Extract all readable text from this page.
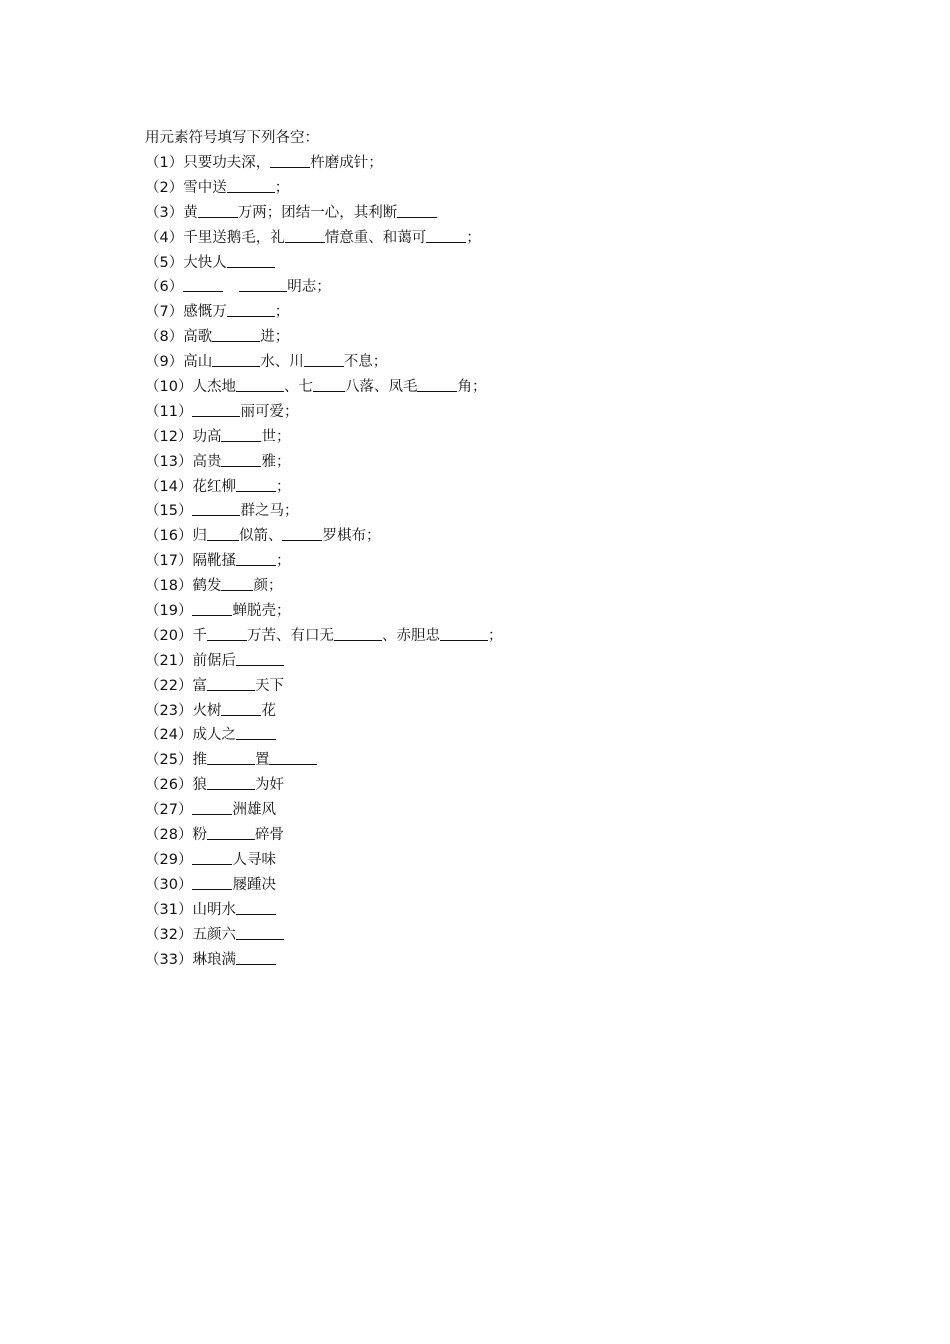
用元素符号填写下列各空：
（1）只要功夫深，	杵磨成针；
（2）雪中送	；
（3）黄	万两；团结一心，其利断
（4）千里送鹅毛，礼	情意重、和蔼可	；
（5）大快人
（6）	明志；
（7）感慨万	；
（8）高歌	进；
（9）高山	水、川	不息；
（10）人杰地	、七 八落、凤毛	角；
（11）	丽可爱；
（12）功高	世；
（13）高贵	雅；
（14）花红柳	；
（15）	群之马；
（16）归 似箭、	罗棋布；
（17）隔靴搔	；
（18）鹤发 颜；
（19）	蝉脱壳；
（20）千	万苦、有口无	、赤胆忠	；
（21）前倨后
（22）富	天下
（23）火树	花
（24）成人之
（25）推	置
（26）狼	为奸
（27）	洲雄风
（28）粉	碎骨
（29）	人寻味
（30）	屦踵决
（31）山明水
（32）五颜六
（33）琳琅满
